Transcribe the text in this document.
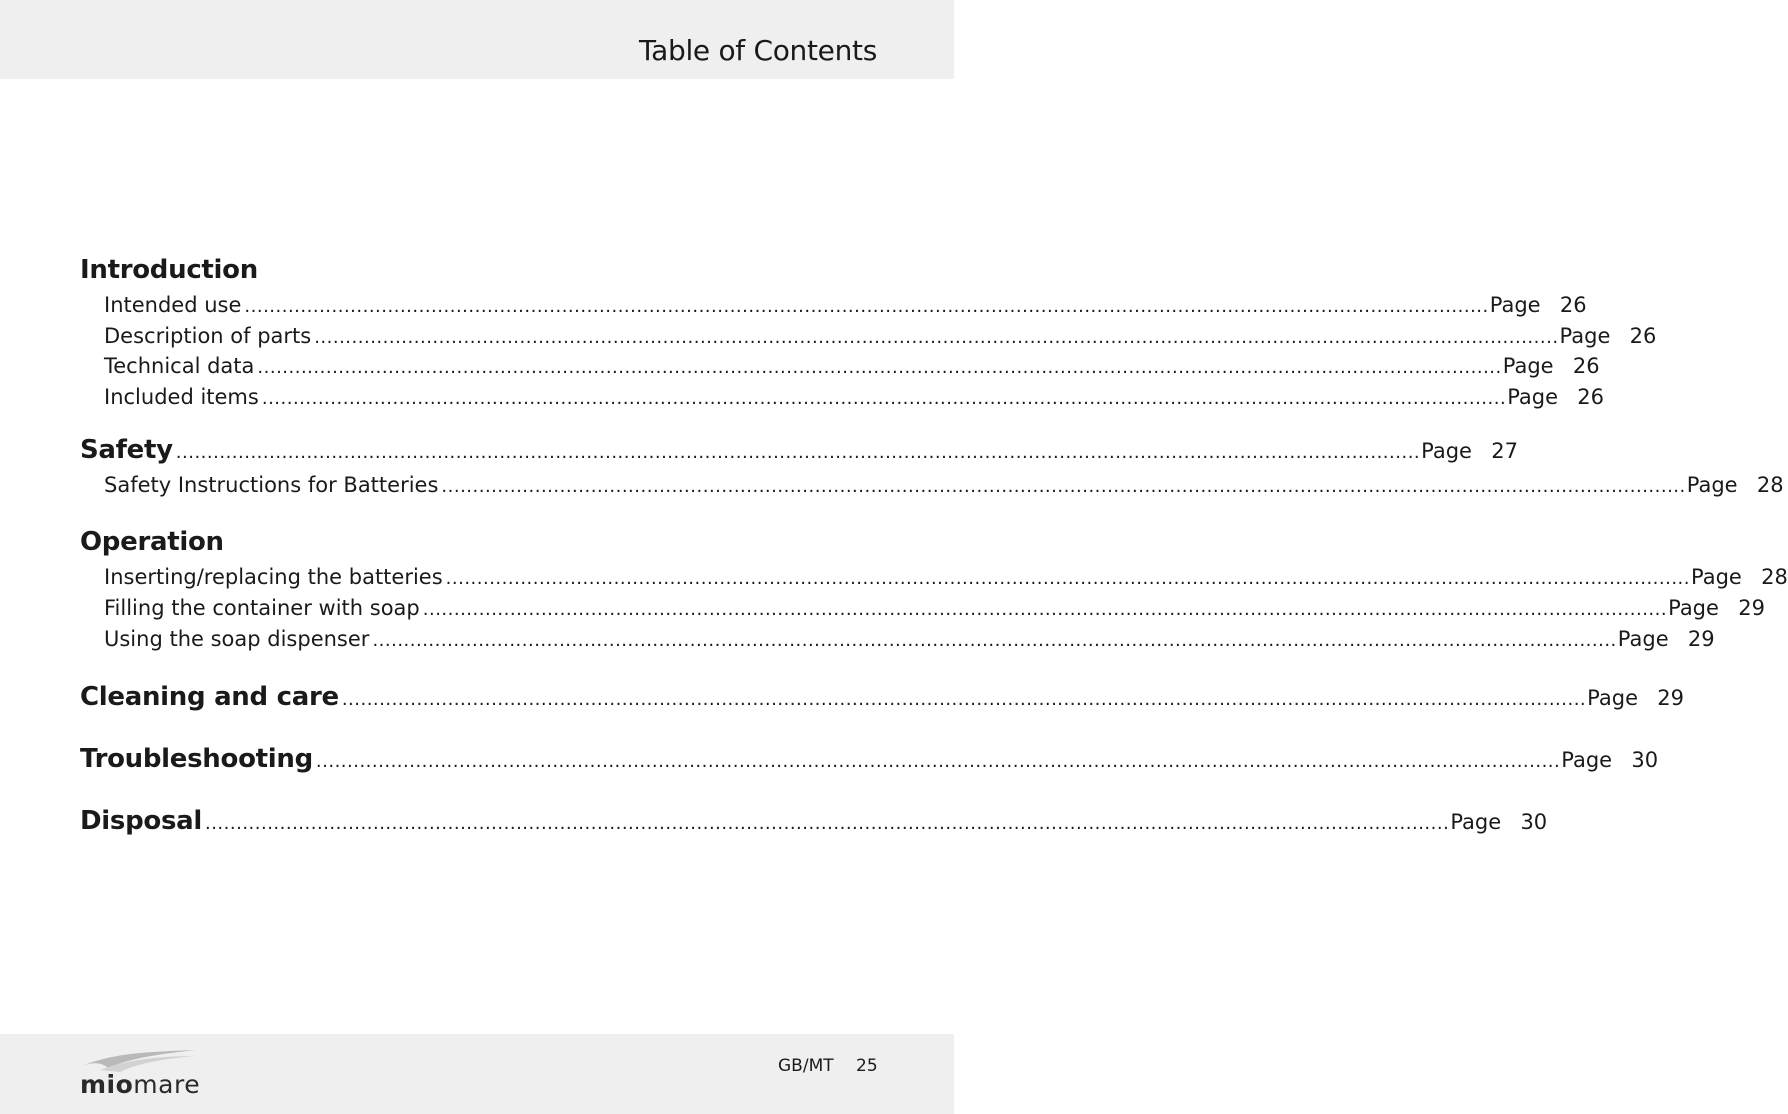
Table of Contents
Introduction
Intended use ........................................................................................................................................................................................................ Page 26
Description of parts ........................................................................................................................................................................................................ Page 26
Technical data ........................................................................................................................................................................................................ Page 26
Included items ........................................................................................................................................................................................................ Page 26
Safety ........................................................................................................................................................................................................ Page 27
Safety Instructions for Batteries ........................................................................................................................................................................................................ Page 28
Operation
Inserting/replacing the batteries ........................................................................................................................................................................................................ Page 28
Filling the container with soap ........................................................................................................................................................................................................ Page 29
Using the soap dispenser ........................................................................................................................................................................................................ Page 29
Cleaning and care ........................................................................................................................................................................................................ Page 29
Troubleshooting ........................................................................................................................................................................................................ Page 30
Disposal ........................................................................................................................................................................................................ Page 30
miomare
GB/MT 25
